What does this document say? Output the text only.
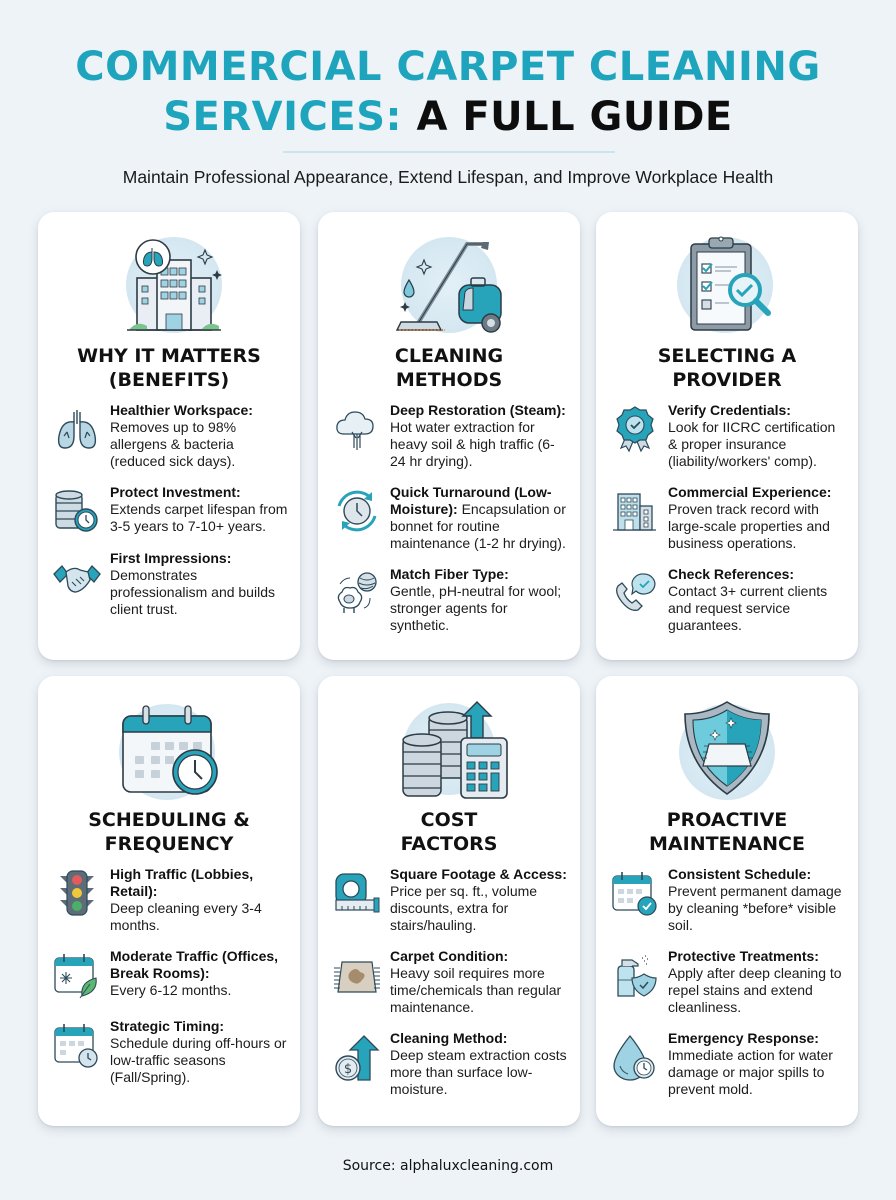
COMMERCIAL CARPET CLEANING
SERVICES: A FULL GUIDE
Maintain Professional Appearance, Extend Lifespan, and Improve Workplace Health
WHY IT MATTERS
(BENEFITS)
Healthier Workspace:
Removes up to 98% allergens & bacteria (reduced sick days).
Protect Investment:
Extends carpet lifespan from 3-5 years to 7-10+ years.
First Impressions:
Demonstrates professionalism and builds client trust.
CLEANING
METHODS
Deep Restoration (Steam):
Hot water extraction for heavy soil & high traffic (6-24 hr drying).
Quick Turnaround (Low-Moisture): Encapsulation or bonnet for routine maintenance (1-2 hr drying).
Match Fiber Type:
Gentle, pH-neutral for wool; stronger agents for synthetic.
SELECTING A
PROVIDER
Verify Credentials:
Look for IICRC certification & proper insurance (liability/workers' comp).
Commercial Experience:
Proven track record with large-scale properties and business operations.
Check References:
Contact 3+ current clients and request service guarantees.
SCHEDULING &
FREQUENCY
High Traffic (Lobbies, Retail):
Deep cleaning every 3-4 months.
Moderate Traffic (Offices, Break Rooms):
Every 6-12 months.
Strategic Timing:
Schedule during off-hours or low-traffic seasons (Fall/Spring).
COST
FACTORS
Square Footage & Access:
Price per sq. ft., volume discounts, extra for stairs/hauling.
Carpet Condition:
Heavy soil requires more time/chemicals than regular maintenance.
$
Cleaning Method:
Deep steam extraction costs more than surface low-moisture.
PROACTIVE
MAINTENANCE
Consistent Schedule:
Prevent permanent damage by cleaning *before* visible soil.
Protective Treatments:
Apply after deep cleaning to repel stains and extend cleanliness.
Emergency Response:
Immediate action for water damage or major spills to prevent mold.
Source: alphaluxcleaning.com
